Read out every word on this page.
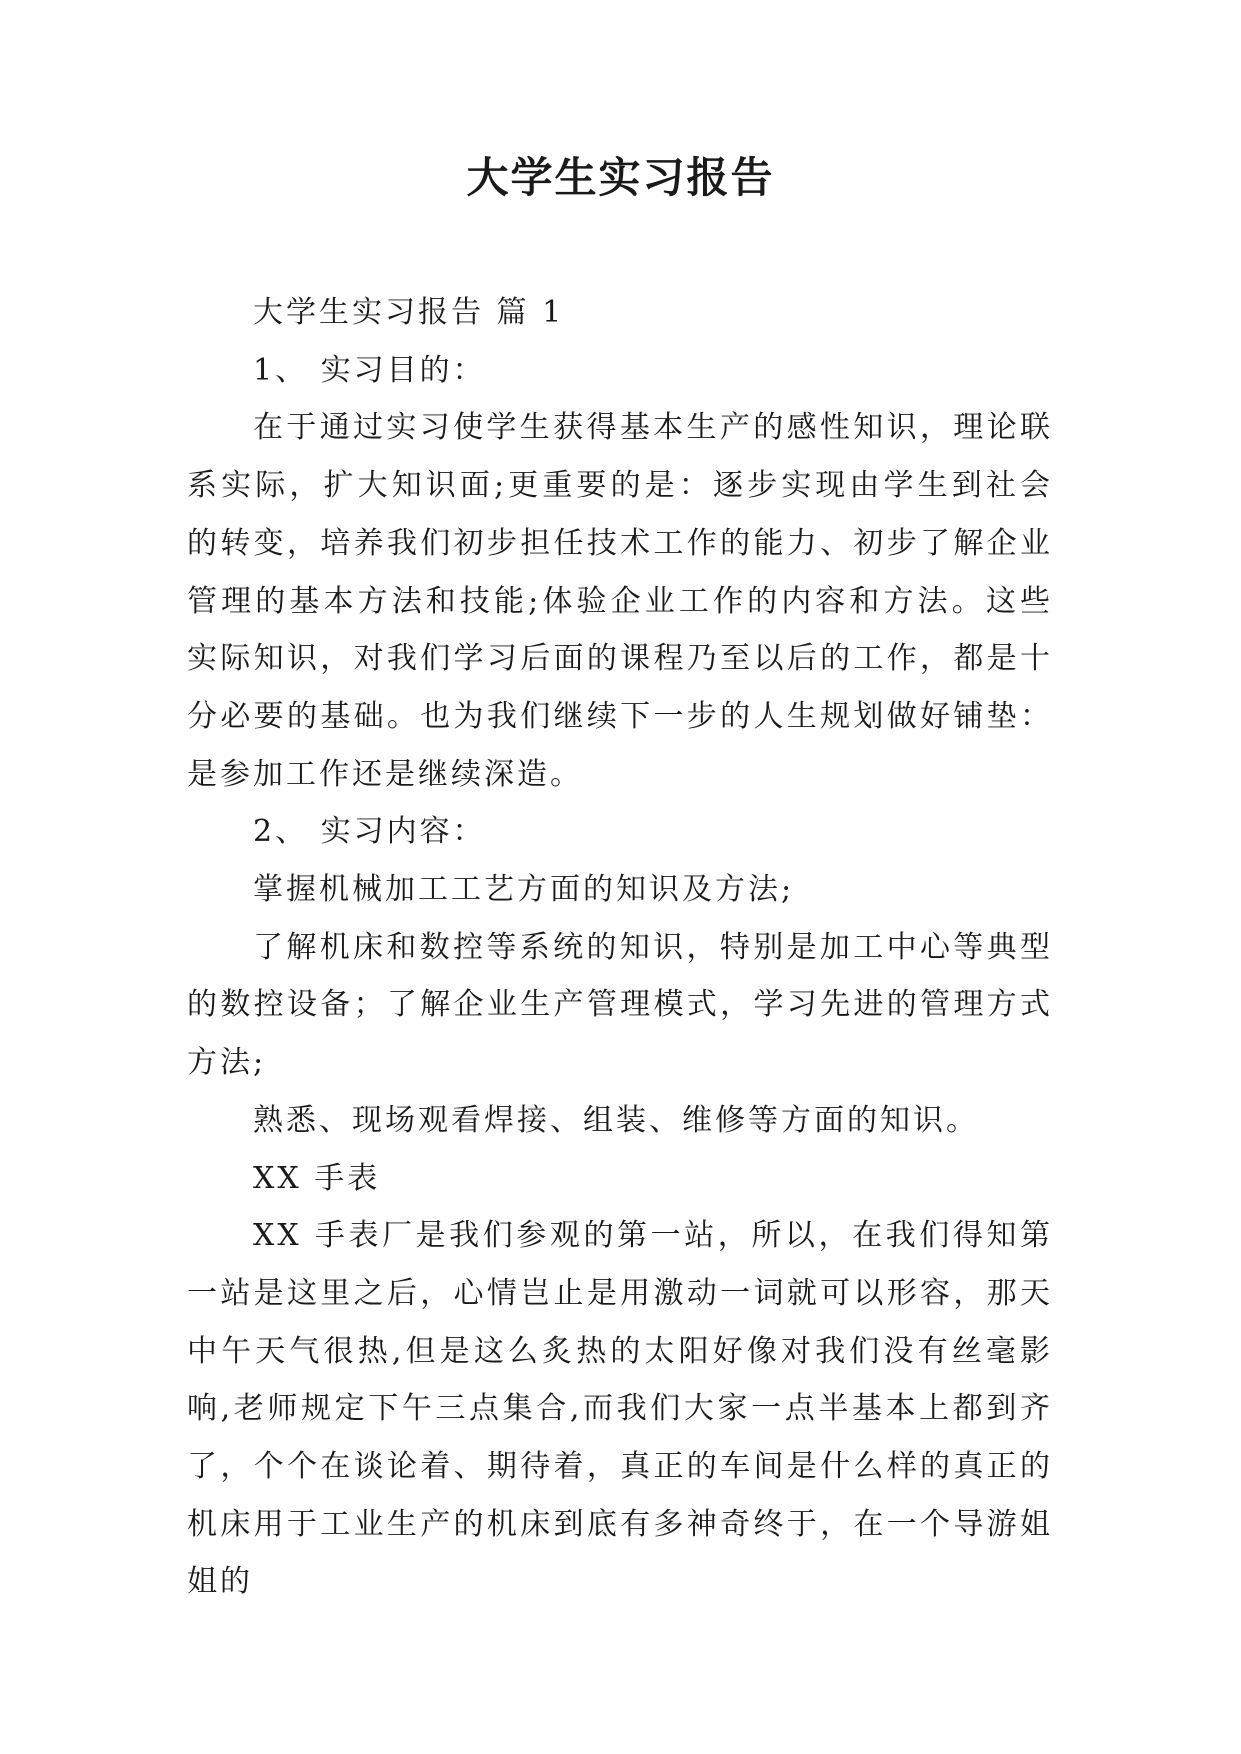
大学生实习报告

大学生实习报告 篇 1

1、 实习目的：

在于通过实习使学生获得基本生产的感性知识，理论联系实际，扩大知识面;更重要的是：逐步实现由学生到社会的转变，培养我们初步担任技术工作的能力、初步了解企业管理的基本方法和技能;体验企业工作的内容和方法。这些实际知识，对我们学习后面的课程乃至以后的工作，都是十分必要的基础。也为我们继续下一步的人生规划做好铺垫：是参加工作还是继续深造。

2、 实习内容：

掌握机械加工工艺方面的知识及方法;

了解机床和数控等系统的知识，特别是加工中心等典型的数控设备；了解企业生产管理模式，学习先进的管理方式方法;

熟悉、现场观看焊接、组装、维修等方面的知识。

XX 手表

XX 手表厂是我们参观的第一站，所以，在我们得知第一站是这里之后，心情岂止是用激动一词就可以形容，那天中午天气很热,但是这么炙热的太阳好像对我们没有丝毫影响,老师规定下午三点集合,而我们大家一点半基本上都到齐了，个个在谈论着、期待着，真正的车间是什么样的真正的机床用于工业生产的机床到底有多神奇终于，在一个导游姐姐的
